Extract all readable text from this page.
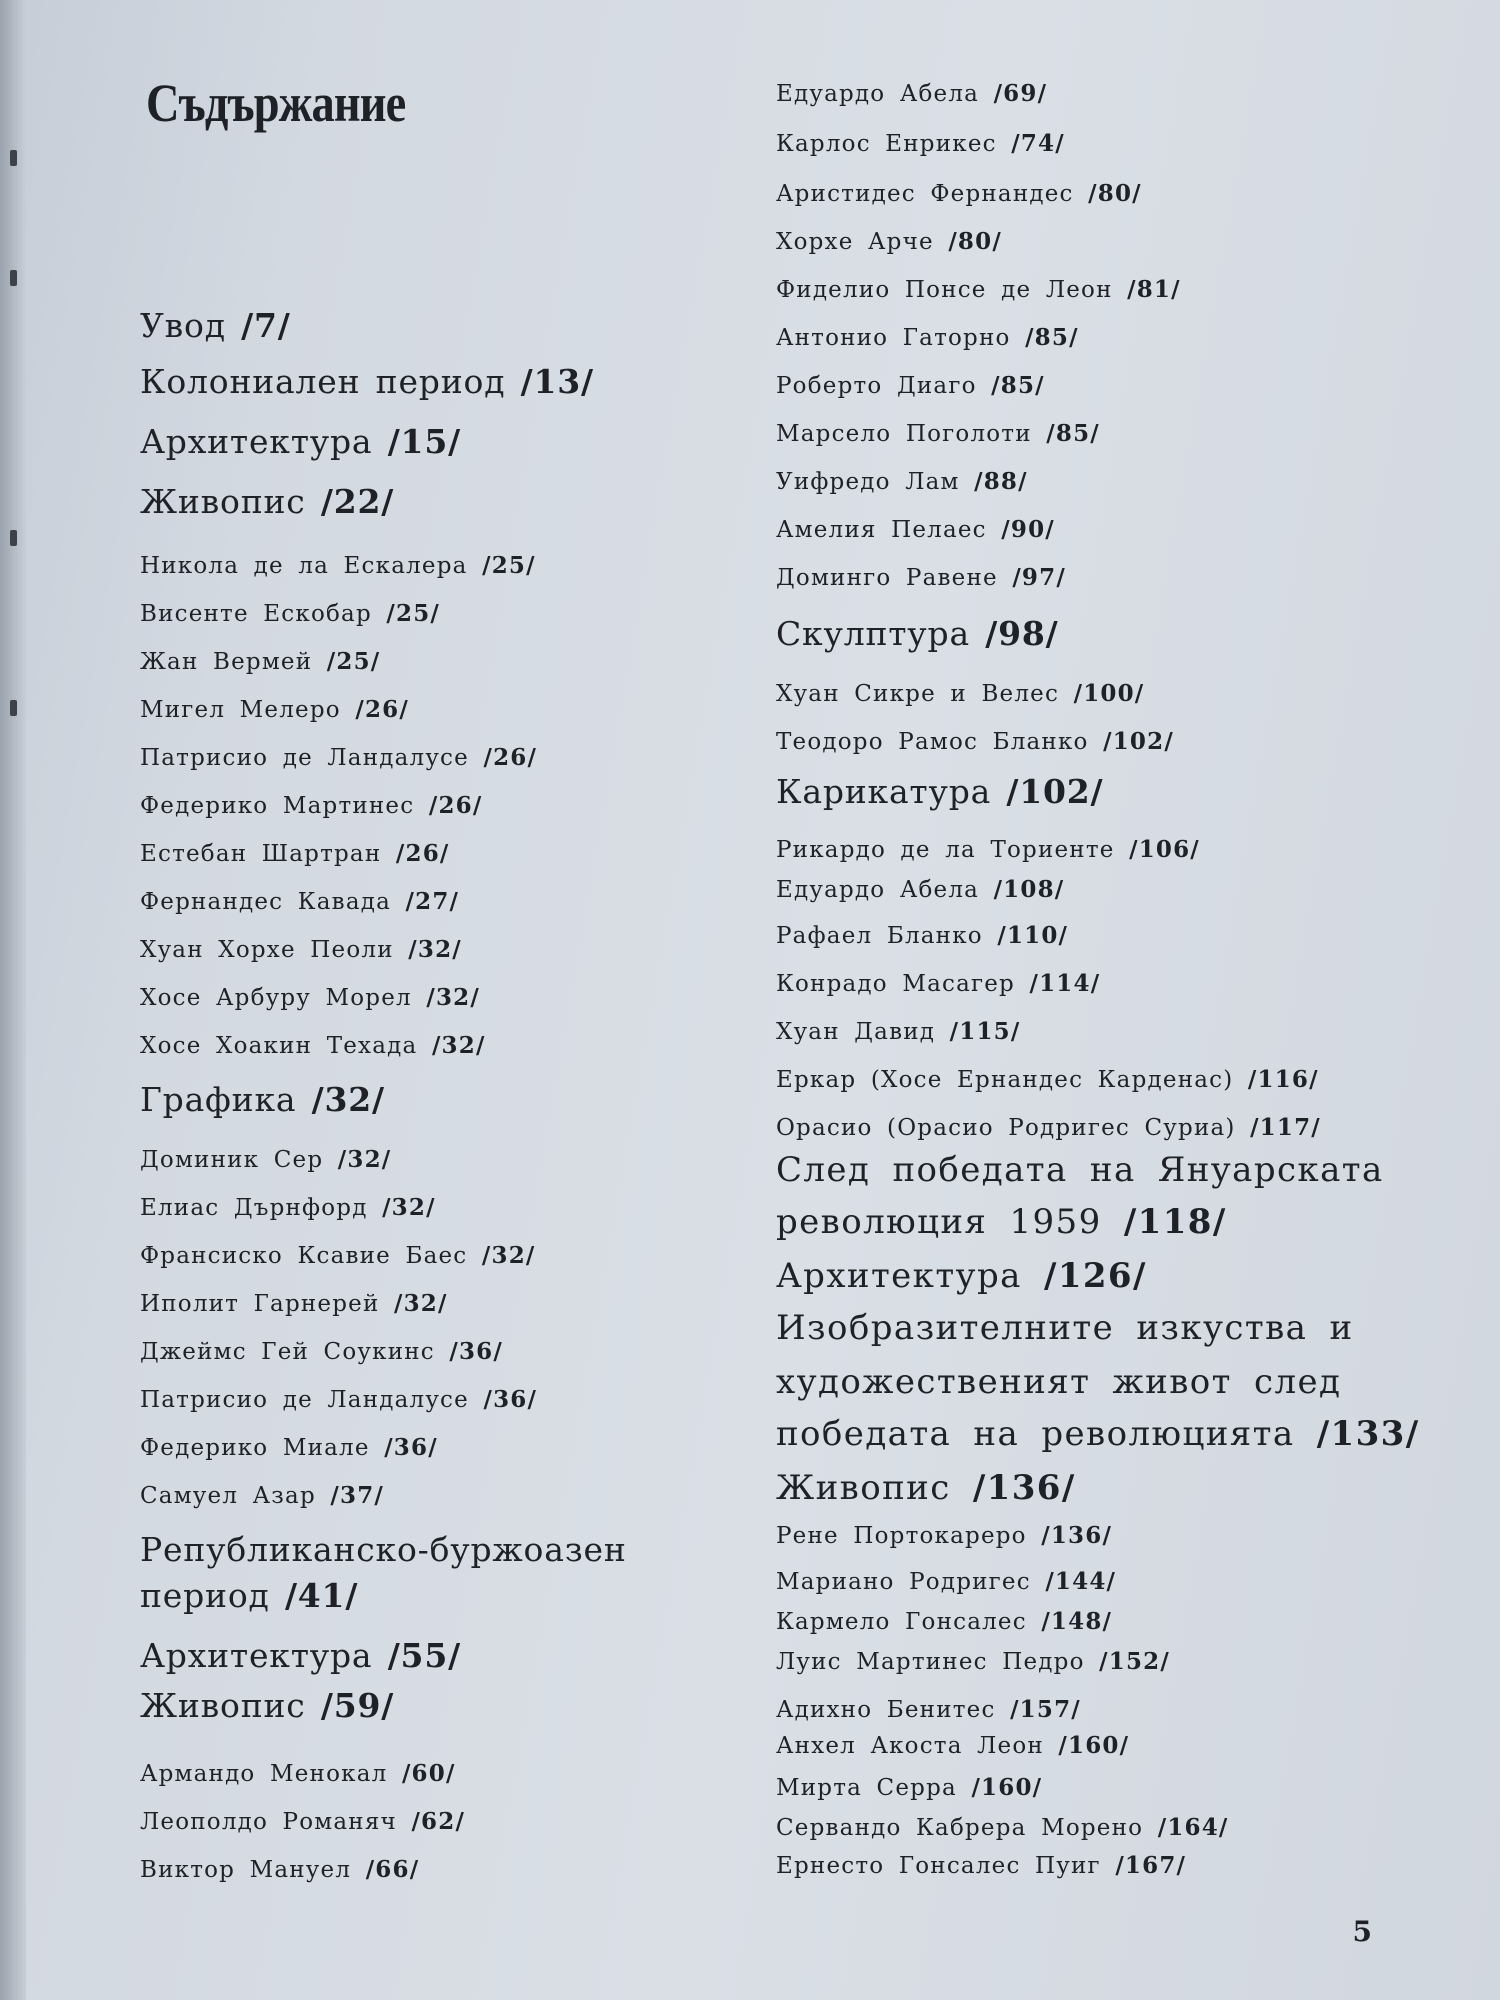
Съдържание
Увод /7/
Колониален период /13/
Архитектура /15/
Живопис /22/
Никола де ла Ескалера /25/
Висенте Ескобар /25/
Жан Вермей /25/
Мигел Мелеро /26/
Патрисио де Ландалусе /26/
Федерико Мартинес /26/
Естебан Шартран /26/
Фернандес Кавада /27/
Хуан Хорхе Пеоли /32/
Хосе Арбуру Морел /32/
Хосе Хоакин Техада /32/
Графика /32/
Доминик Сер /32/
Елиас Дърнфорд /32/
Франсиско Ксавие Баес /32/
Иполит Гарнерей /32/
Джеймс Гей Соукинс /36/
Патрисио де Ландалусе /36/
Федерико Миале /36/
Самуел Азар /37/
Републиканско-буржоазен
период /41/
Архитектура /55/
Живопис /59/
Армандо Менокал /60/
Леополдо Романяч /62/
Виктор Мануел /66/
Едуардо Абела /69/
Карлос Енрикес /74/
Аристидес Фернандес /80/
Хорхе Арче /80/
Фиделио Понсе де Леон /81/
Антонио Гаторно /85/
Роберто Диаго /85/
Марсело Поголоти /85/
Уифредо Лам /88/
Амелия Пелаес /90/
Доминго Равене /97/
Скулптура /98/
Хуан Сикре и Велес /100/
Теодоро Рамос Бланко /102/
Карикатура /102/
Рикардо де ла Ториенте /106/
Едуардо Абела /108/
Рафаел Бланко /110/
Конрадо Масагер /114/
Хуан Давид /115/
Еркар (Хосе Ернандес Карденас) /116/
Орасио (Орасио Родригес Суриа) /117/
След победата на Януарската
революция 1959 /118/
Архитектура /126/
Изобразителните изкуства и
художественият живот след
победата на революцията /133/
Живопис /136/
Рене Портокареро /136/
Мариано Родригес /144/
Кармело Гонсалес /148/
Луис Мартинес Педро /152/
Адихно Бенитес /157/
Анхел Акоста Леон /160/
Мирта Серра /160/
Сервандо Кабрера Морено /164/
Ернесто Гонсалес Пуиг /167/
5
